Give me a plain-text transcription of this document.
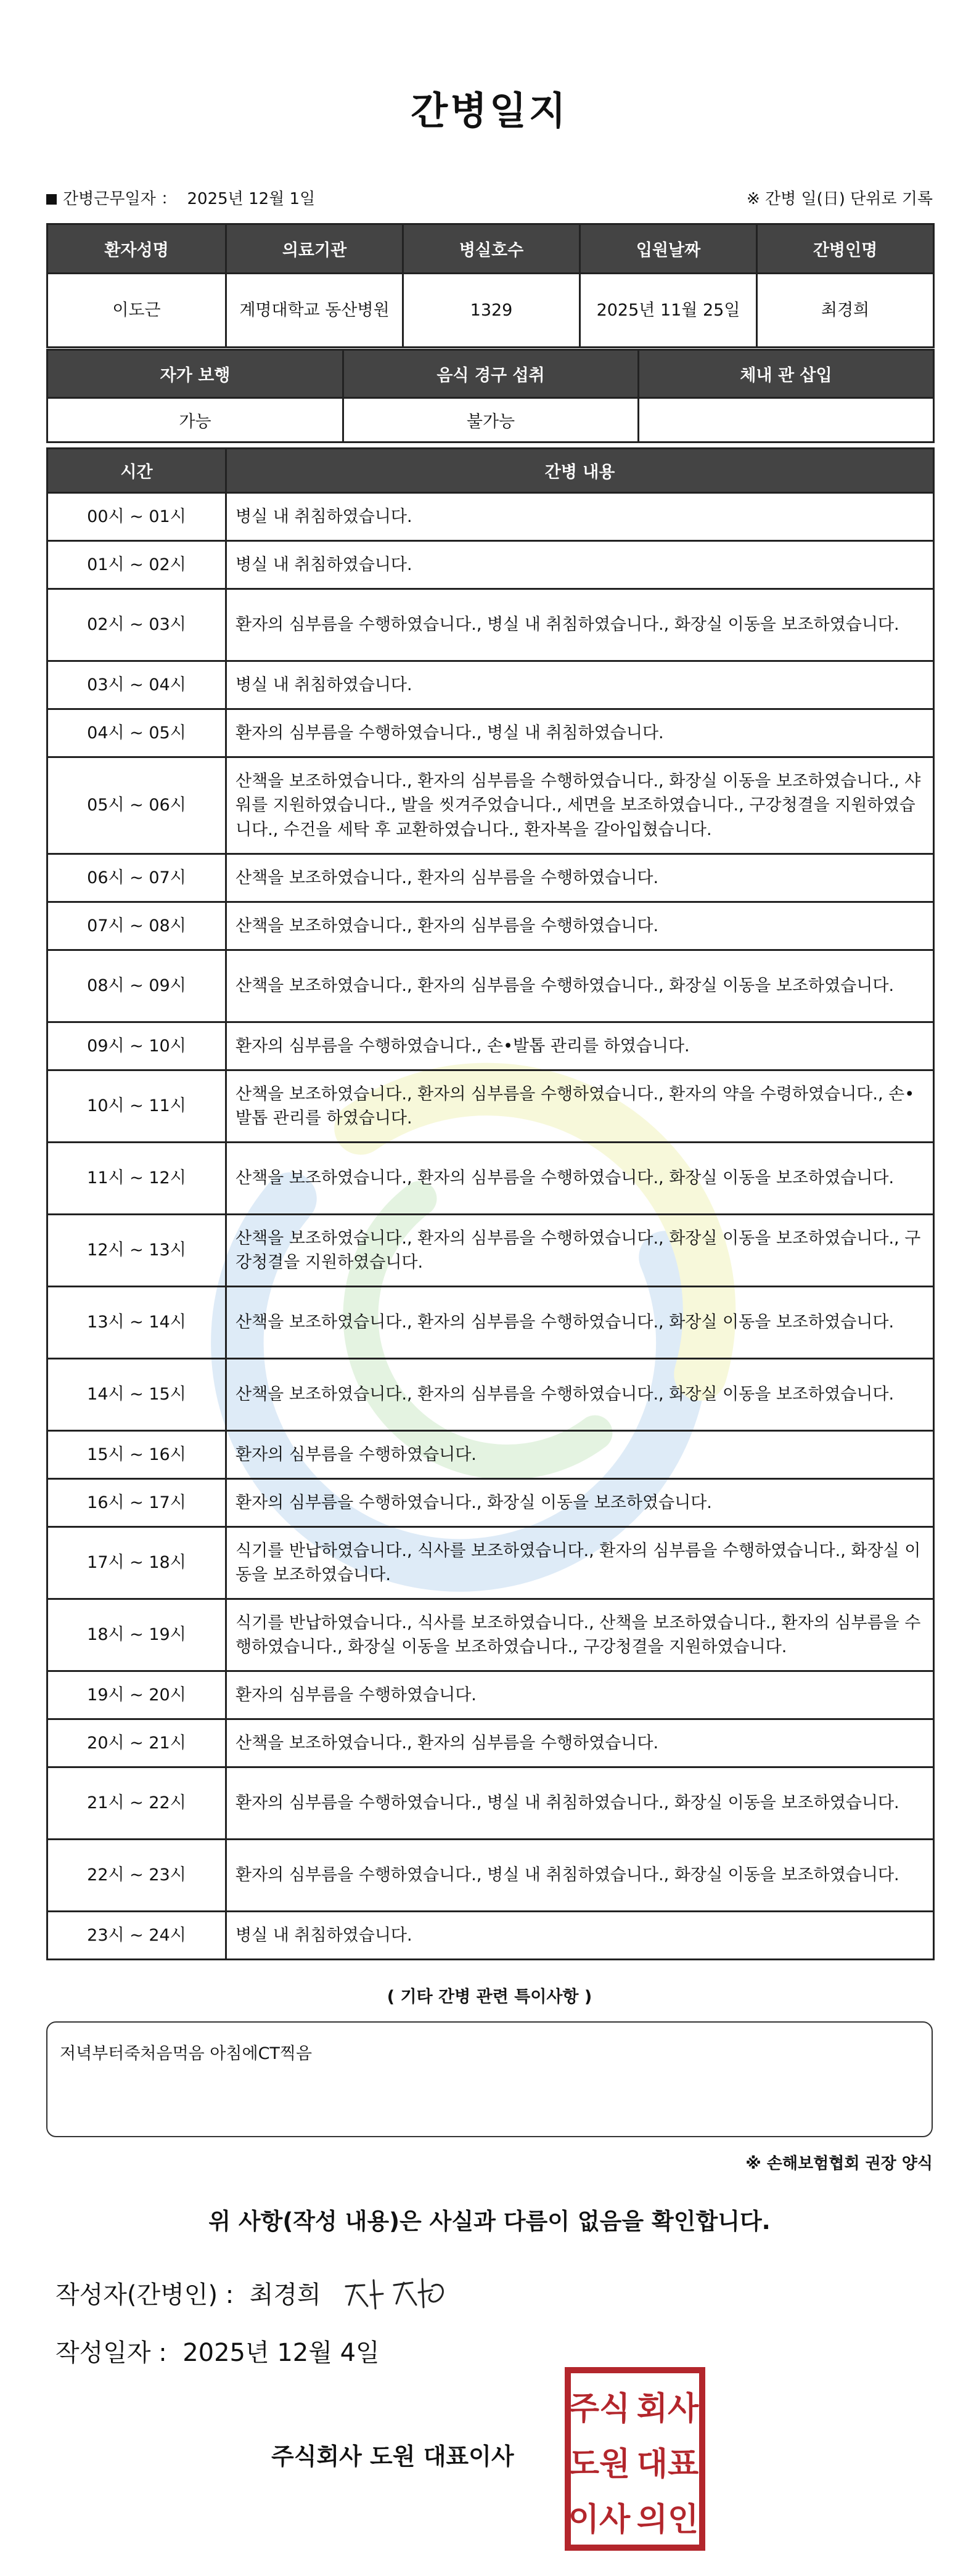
간병일지
간병근무일자 ： 2025년 12월 1일	※ 간병 일(日) 단위로 기록
환자성명	의료기관	병실호수	입원날짜	간병인명
이도근	계명대학교 동산병원	1329	2025년 11월 25일	최경희
자가 보행	음식 경구 섭취	체내 관 삽입
가능	불가능	
시간	간병 내용
00시 ~ 01시	병실 내 취침하였습니다.
01시 ~ 02시	병실 내 취침하였습니다.
02시 ~ 03시	환자의 심부름을 수행하였습니다., 병실 내 취침하였습니다., 화장실 이동을 보조하였습니다.
03시 ~ 04시	병실 내 취침하였습니다.
04시 ~ 05시	환자의 심부름을 수행하였습니다., 병실 내 취침하였습니다.
05시 ~ 06시	산책을 보조하였습니다., 환자의 심부름을 수행하였습니다., 화장실 이동을 보조하였습니다., 샤워를 지원하였습니다., 발을 씻겨주었습니다., 세면을 보조하였습니다., 구강청결을 지원하였습니다., 수건을 세탁 후 교환하였습니다., 환자복을 갈아입혔습니다.
06시 ~ 07시	산책을 보조하였습니다., 환자의 심부름을 수행하였습니다.
07시 ~ 08시	산책을 보조하였습니다., 환자의 심부름을 수행하였습니다.
08시 ~ 09시	산책을 보조하였습니다., 환자의 심부름을 수행하였습니다., 화장실 이동을 보조하였습니다.
09시 ~ 10시	환자의 심부름을 수행하였습니다., 손•발톱 관리를 하였습니다.
10시 ~ 11시	산책을 보조하였습니다., 환자의 심부름을 수행하였습니다., 환자의 약을 수령하였습니다., 손•발톱 관리를 하였습니다.
11시 ~ 12시	산책을 보조하였습니다., 환자의 심부름을 수행하였습니다., 화장실 이동을 보조하였습니다.
12시 ~ 13시	산책을 보조하였습니다., 환자의 심부름을 수행하였습니다., 화장실 이동을 보조하였습니다., 구강청결을 지원하였습니다.
13시 ~ 14시	산책을 보조하였습니다., 환자의 심부름을 수행하였습니다., 화장실 이동을 보조하였습니다.
14시 ~ 15시	산책을 보조하였습니다., 환자의 심부름을 수행하였습니다., 화장실 이동을 보조하였습니다.
15시 ~ 16시	환자의 심부름을 수행하였습니다.
16시 ~ 17시	환자의 심부름을 수행하였습니다., 화장실 이동을 보조하였습니다.
17시 ~ 18시	식기를 반납하였습니다., 식사를 보조하였습니다., 환자의 심부름을 수행하였습니다., 화장실 이동을 보조하였습니다.
18시 ~ 19시	식기를 반납하였습니다., 식사를 보조하였습니다., 산책을 보조하였습니다., 환자의 심부름을 수행하였습니다., 화장실 이동을 보조하였습니다., 구강청결을 지원하였습니다.
19시 ~ 20시	환자의 심부름을 수행하였습니다.
20시 ~ 21시	산책을 보조하였습니다., 환자의 심부름을 수행하였습니다.
21시 ~ 22시	환자의 심부름을 수행하였습니다., 병실 내 취침하였습니다., 화장실 이동을 보조하였습니다.
22시 ~ 23시	환자의 심부름을 수행하였습니다., 병실 내 취침하였습니다., 화장실 이동을 보조하였습니다.
23시 ~ 24시	병실 내 취침하였습니다.
( 기타 간병 관련 특이사항 )
저녁부터죽처음먹음 아침에CT찍음
※ 손해보험협회 권장 양식
위 사항(작성 내용)은 사실과 다름이 없음을 확인합니다.
작성자(간병인) :
최경희
작성일자 : 2025년 12월 4일
주식회사 도원 대표이사
주식 회사
도원 대표
이사 의인
